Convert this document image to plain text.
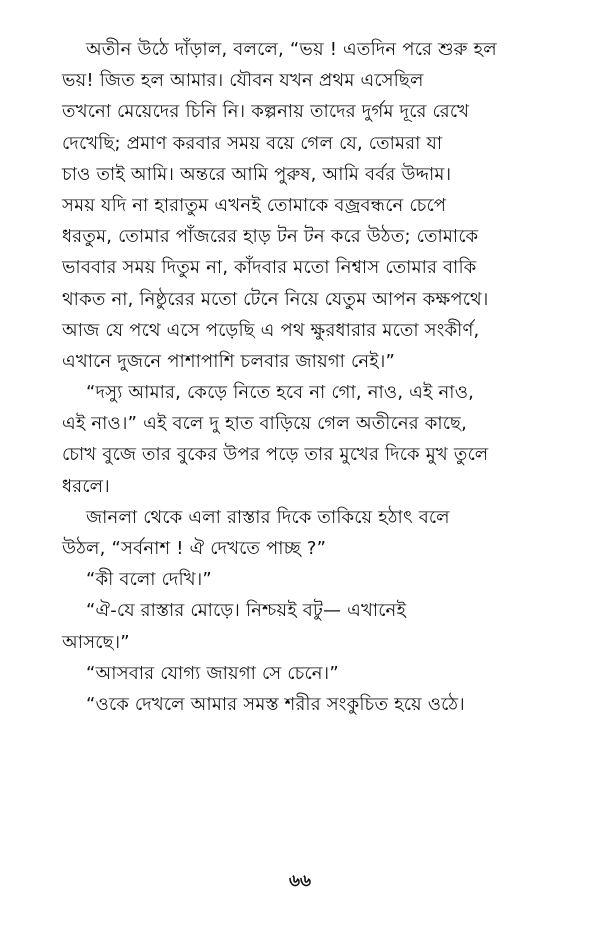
অতীন উঠে দাঁড়াল, বললে, “ভয় ! এতদিন পরে শুরু হল
ভয়! জিত হল আমার। যৌবন যখন প্রথম এসেছিল
তখনো মেয়েদের চিনি নি। কল্পনায় তাদের দুর্গম দূরে রেখে
দেখেছি; প্রমাণ করবার সময় বয়ে গেল যে, তোমরা যা
চাও তাই আমি। অন্তরে আমি পুরুষ, আমি বর্বর উদ্দাম।
সময় যদি না হারাতুম এখনই তোমাকে বজ্রবন্ধনে চেপে
ধরতুম, তোমার পাঁজরের হাড় টন টন করে উঠত; তোমাকে
ভাববার সময় দিতুম না, কাঁদবার মতো নিশ্বাস তোমার বাকি
থাকত না, নিষ্ঠুরের মতো টেনে নিয়ে যেতুম আপন কক্ষপথে।
আজ যে পথে এসে পড়েছি এ পথ ক্ষুরধারার মতো সংকীর্ণ,
এখানে দুজনে পাশাপাশি চলবার জায়গা নেই।”
“দস্যু আমার, কেড়ে নিতে হবে না গো, নাও, এই নাও,
এই নাও।” এই বলে দু হাত বাড়িয়ে গেল অতীনের কাছে,
চোখ বুজে তার বুকের উপর পড়ে তার মুখের দিকে মুখ তুলে
ধরলে।
জানলা থেকে এলা রাস্তার দিকে তাকিয়ে হঠাৎ বলে
উঠল, “সর্বনাশ ! ঐ দেখতে পাচ্ছ ?”
“কী বলো দেখি।”
“ঐ-যে রাস্তার মোড়ে। নিশ্চয়ই বটু— এখানেই
আসছে।”
“আসবার যোগ্য জায়গা সে চেনে।”
“ওকে দেখলে আমার সমস্ত শরীর সংকুচিত হয়ে ওঠে।
৬৬
